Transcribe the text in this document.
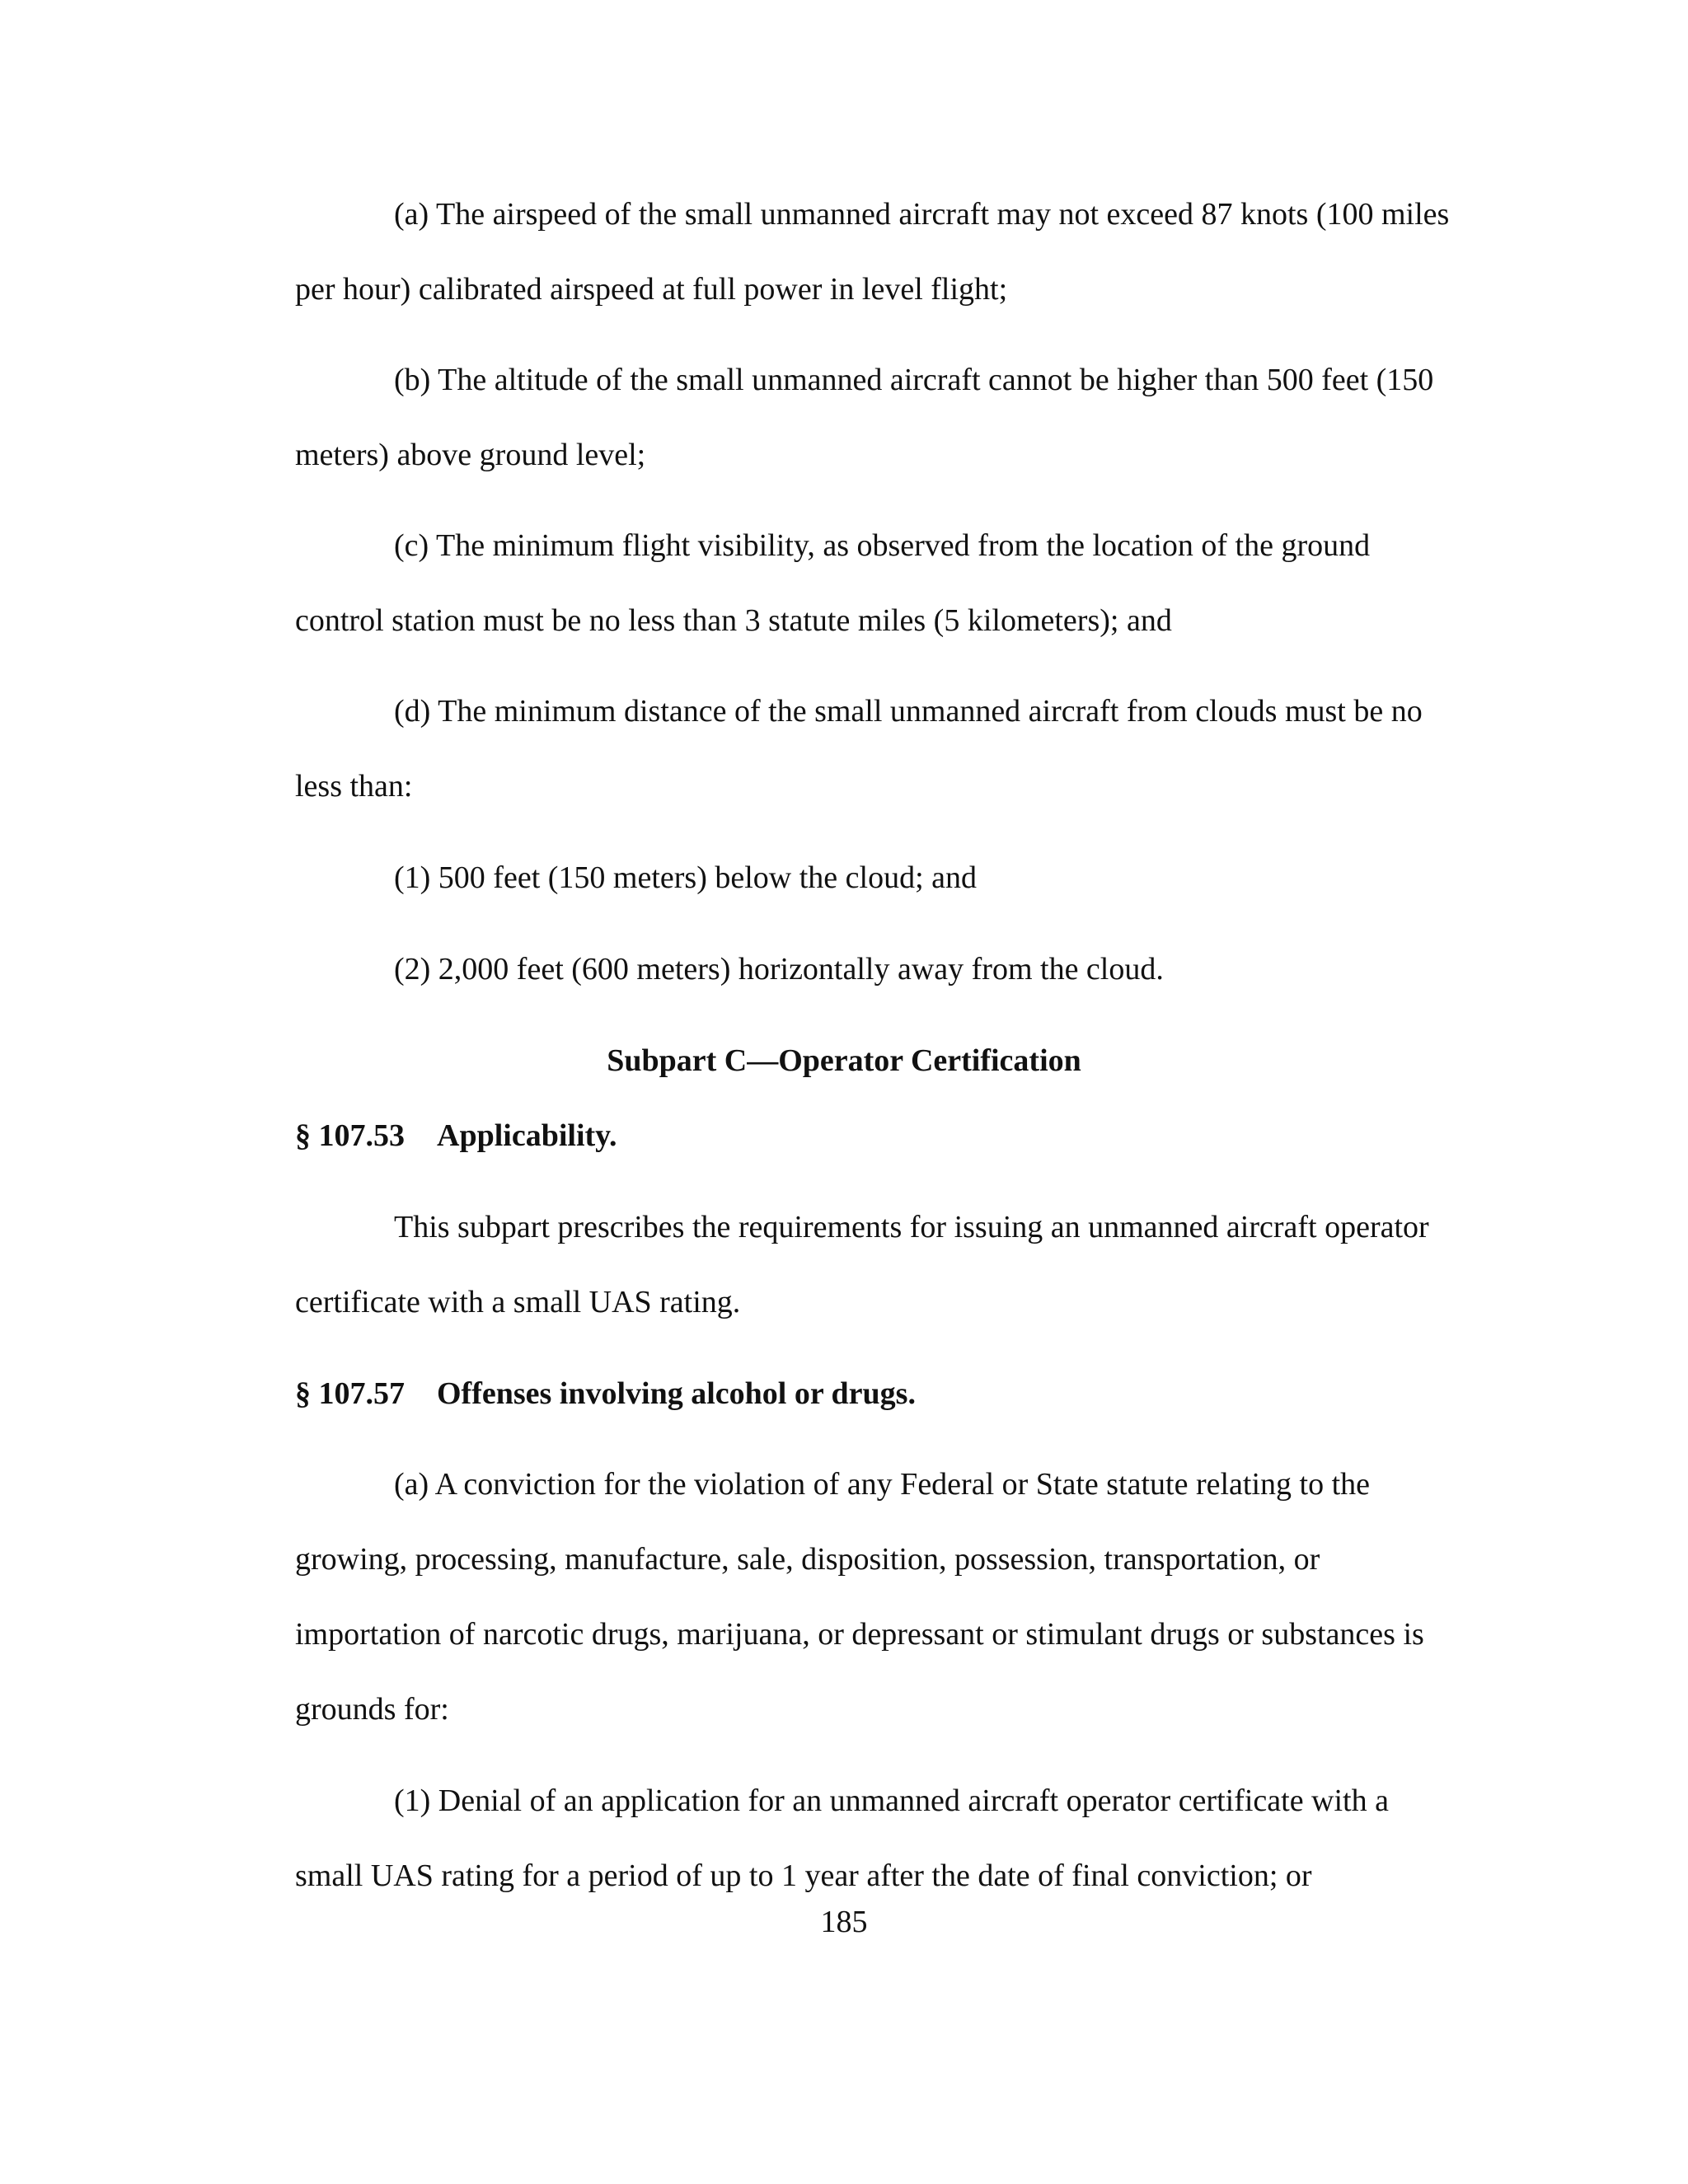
(a) The airspeed of the small unmanned aircraft may not exceed 87 knots (100 miles
per hour) calibrated airspeed at full power in level flight;
(b) The altitude of the small unmanned aircraft cannot be higher than 500 feet (150
meters) above ground level;
(c) The minimum flight visibility, as observed from the location of the ground
control station must be no less than 3 statute miles (5 kilometers); and
(d) The minimum distance of the small unmanned aircraft from clouds must be no
less than:
(1) 500 feet (150 meters) below the cloud; and
(2) 2,000 feet (600 meters) horizontally away from the cloud.
Subpart C—Operator Certification
§ 107.53 Applicability.
This subpart prescribes the requirements for issuing an unmanned aircraft operator
certificate with a small UAS rating.
§ 107.57 Offenses involving alcohol or drugs.
(a) A conviction for the violation of any Federal or State statute relating to the
growing, processing, manufacture, sale, disposition, possession, transportation, or
importation of narcotic drugs, marijuana, or depressant or stimulant drugs or substances is
grounds for:
(1) Denial of an application for an unmanned aircraft operator certificate with a
small UAS rating for a period of up to 1 year after the date of final conviction; or
185
